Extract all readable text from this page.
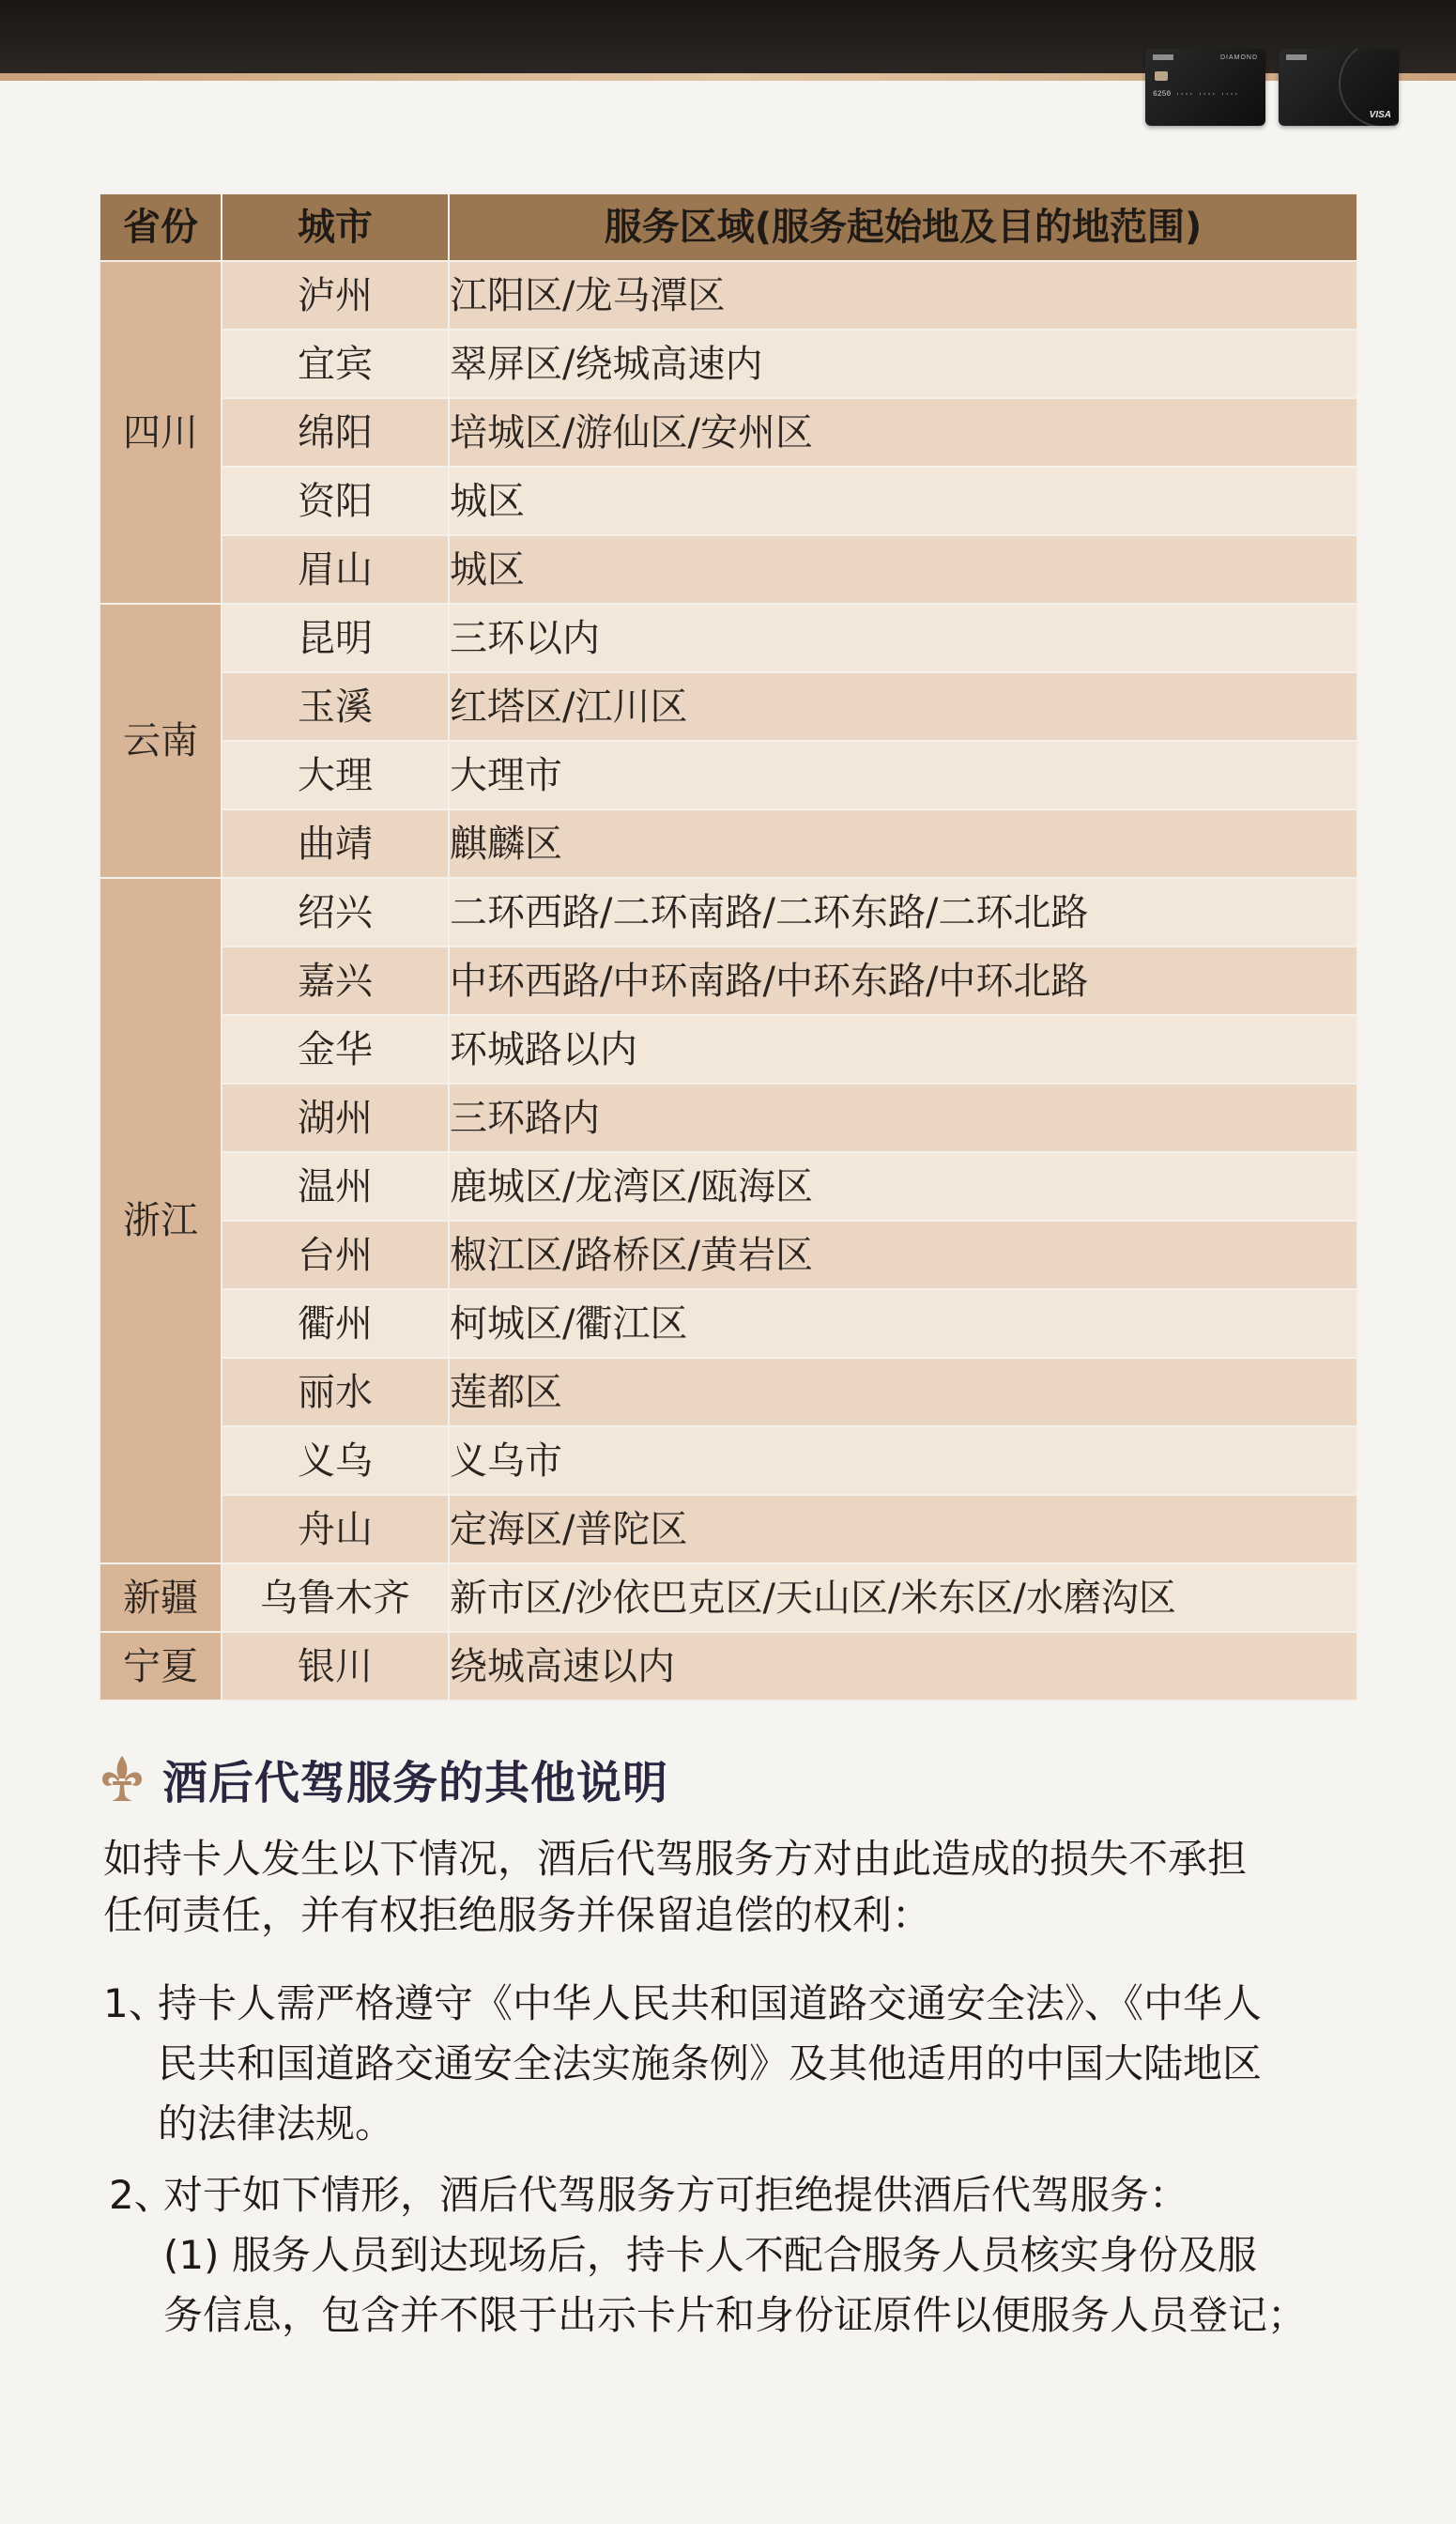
DIAMOND
6250 ···· ···· ····
VISA
省份	城市	服务区域(服务起始地及目的地范围)
四川	泸州	江阳区/龙马潭区
	宜宾	翠屏区/绕城高速内
	绵阳	培城区/游仙区/安州区
	资阳	城区
	眉山	城区
云南	昆明	三环以内
	玉溪	红塔区/江川区
	大理	大理市
	曲靖	麒麟区
浙江	绍兴	二环西路/二环南路/二环东路/二环北路
	嘉兴	中环西路/中环南路/中环东路/中环北路
	金华	环城路以内
	湖州	三环路内
	温州	鹿城区/龙湾区/瓯海区
	台州	椒江区/路桥区/黄岩区
	衢州	柯城区/衢江区
	丽水	莲都区
	义乌	义乌市
	舟山	定海区/普陀区
新疆	乌鲁木齐	新市区/沙依巴克区/天山区/米东区/水磨沟区
宁夏	银川	绕城高速以内
酒后代驾服务的其他说明
如持卡人发生以下情况，酒后代驾服务方对由此造成的损失不承担
任何责任，并有权拒绝服务并保留追偿的权利：
1、
持卡人需严格遵守《中华人民共和国道路交通安全法》、《中华人
民共和国道路交通安全法实施条例》及其他适用的中国大陆地区
的法律法规。
2、
对于如下情形，酒后代驾服务方可拒绝提供酒后代驾服务：
(1) 服务人员到达现场后，持卡人不配合服务人员核实身份及服
务信息，包含并不限于出示卡片和身份证原件以便服务人员登记；
